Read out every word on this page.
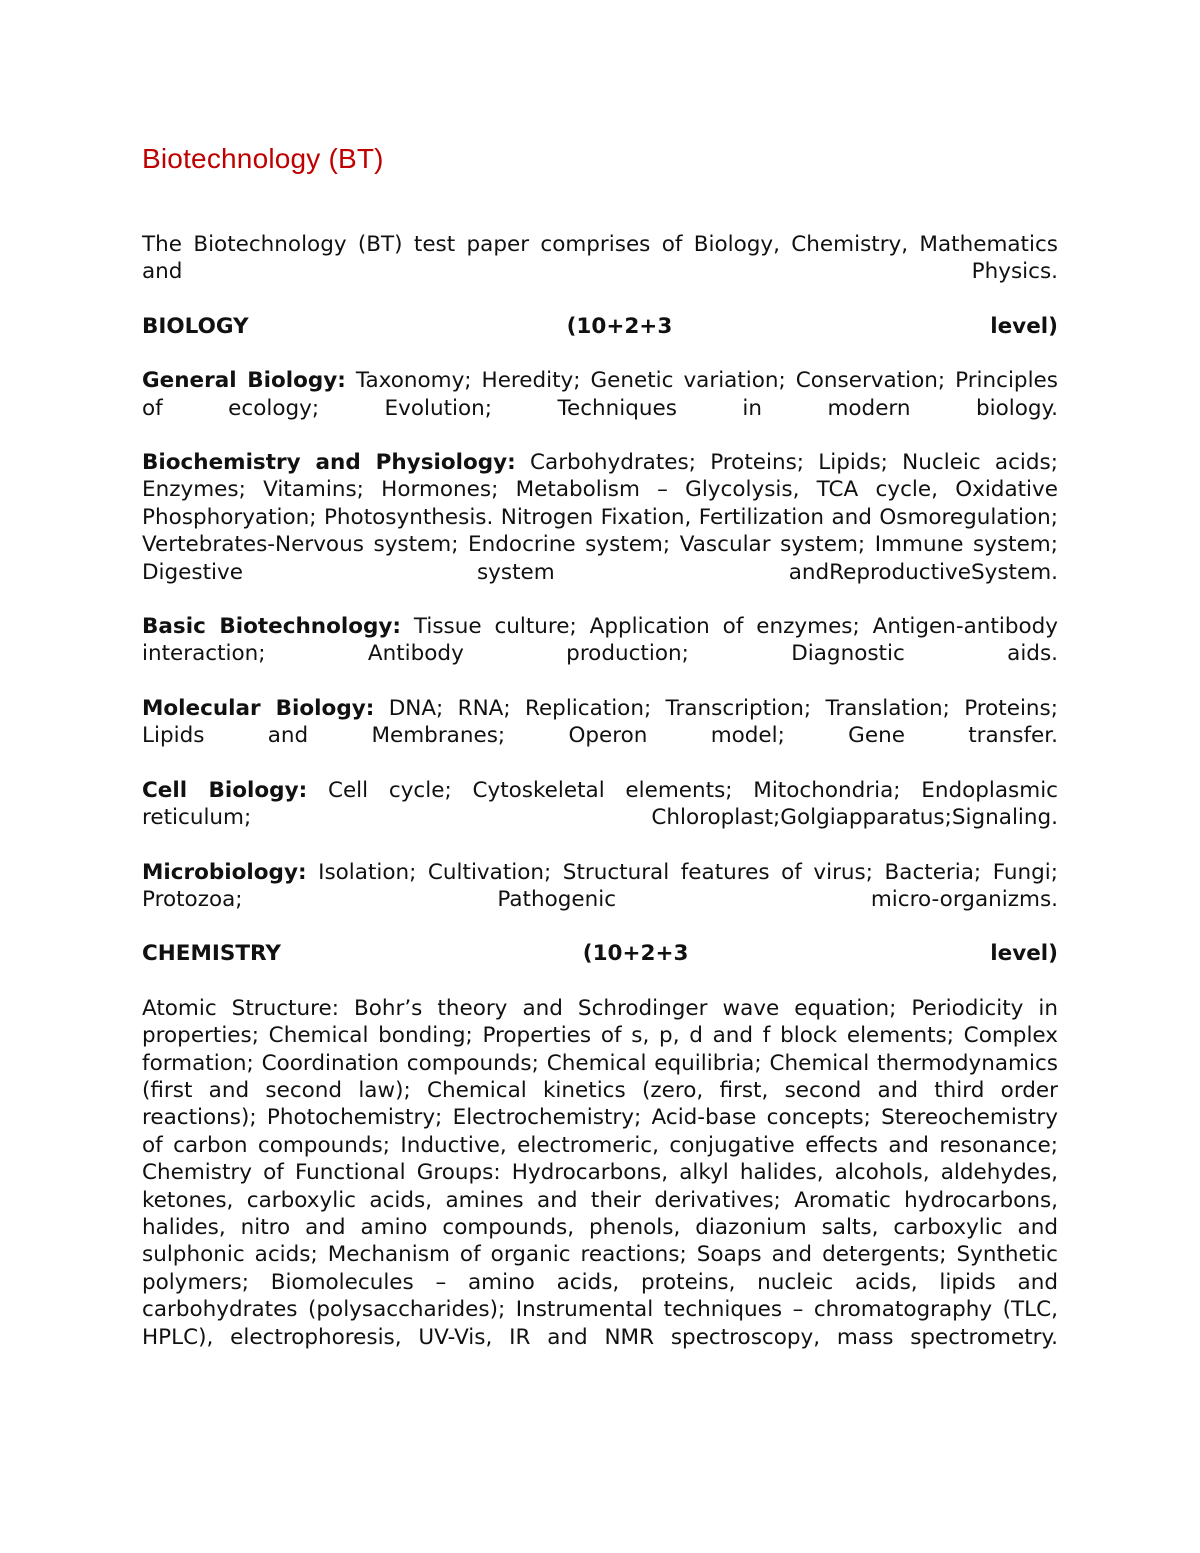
Biotechnology (BT)

The Biotechnology (BT) test paper comprises of Biology, Chemistry, Mathematics and Physics.

BIOLOGY	(10+2+3	level)

General Biology: Taxonomy; Heredity; Genetic variation; Conservation; Principles of ecology; Evolution; Techniques in modern biology.

Biochemistry and Physiology: Carbohydrates; Proteins; Lipids; Nucleic acids; Enzymes; Vitamins; Hormones; Metabolism – Glycolysis, TCA cycle, Oxidative Phosphoryation; Photosynthesis. Nitrogen Fixation, Fertilization and Osmoregulation; Vertebrates-Nervous system; Endocrine system; Vascular system; Immune system; Digestive system andReproductiveSystem.

Basic Biotechnology: Tissue culture; Application of enzymes; Antigen-antibody interaction; Antibody production; Diagnostic aids.

Molecular Biology: DNA; RNA; Replication; Transcription; Translation; Proteins; Lipids and Membranes; Operon model; Gene transfer.

Cell Biology: Cell cycle; Cytoskeletal elements; Mitochondria; Endoplasmic reticulum; Chloroplast;Golgiapparatus;Signaling.

Microbiology: Isolation; Cultivation; Structural features of virus; Bacteria; Fungi; Protozoa; Pathogenic micro-organizms.

CHEMISTRY	(10+2+3	level)

Atomic Structure: Bohr’s theory and Schrodinger wave equation; Periodicity in properties; Chemical bonding; Properties of s, p, d and f block elements; Complex formation; Coordination compounds; Chemical equilibria; Chemical thermodynamics (first and second law); Chemical kinetics (zero, first, second and third order reactions); Photochemistry; Electrochemistry; Acid-base concepts; Stereochemistry of carbon compounds; Inductive, electromeric, conjugative effects and resonance; Chemistry of Functional Groups: Hydrocarbons, alkyl halides, alcohols, aldehydes, ketones, carboxylic acids, amines and their derivatives; Aromatic hydrocarbons, halides, nitro and amino compounds, phenols, diazonium salts, carboxylic and sulphonic acids; Mechanism of organic reactions; Soaps and detergents; Synthetic polymers; Biomolecules – amino acids, proteins, nucleic acids, lipids and carbohydrates (polysaccharides); Instrumental techniques – chromatography (TLC, HPLC), electrophoresis, UV-Vis, IR and NMR spectroscopy, mass spectrometry.
